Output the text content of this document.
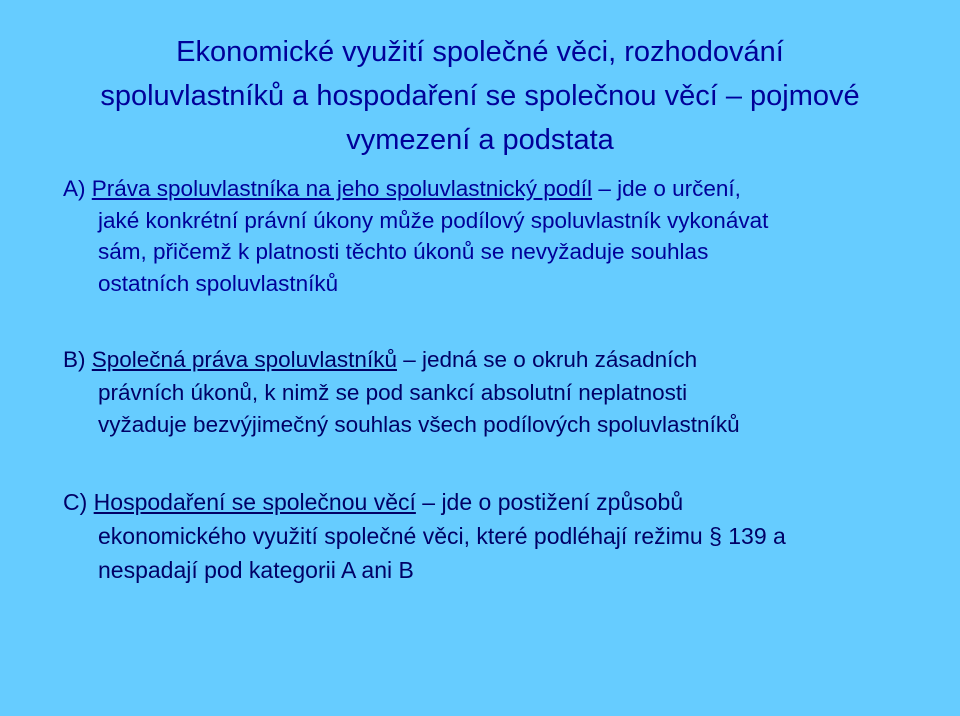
Ekonomické využití společné věci, rozhodování
spoluvlastníků a hospodaření se společnou věcí – pojmové
vymezení a podstata
A) Práva spoluvlastníka na jeho spoluvlastnický podíl – jde o určení,
jaké konkrétní právní úkony může podílový spoluvlastník vykonávat
sám, přičemž k platnosti těchto úkonů se nevyžaduje souhlas
ostatních spoluvlastníků
B) Společná práva spoluvlastníků – jedná se o okruh zásadních
právních úkonů, k nimž se pod sankcí absolutní neplatnosti
vyžaduje bezvýjimečný souhlas všech podílových spoluvlastníků
C) Hospodaření se společnou věcí – jde o postižení způsobů
ekonomického využití společné věci, které podléhají režimu § 139 a
nespadají pod kategorii A ani B
